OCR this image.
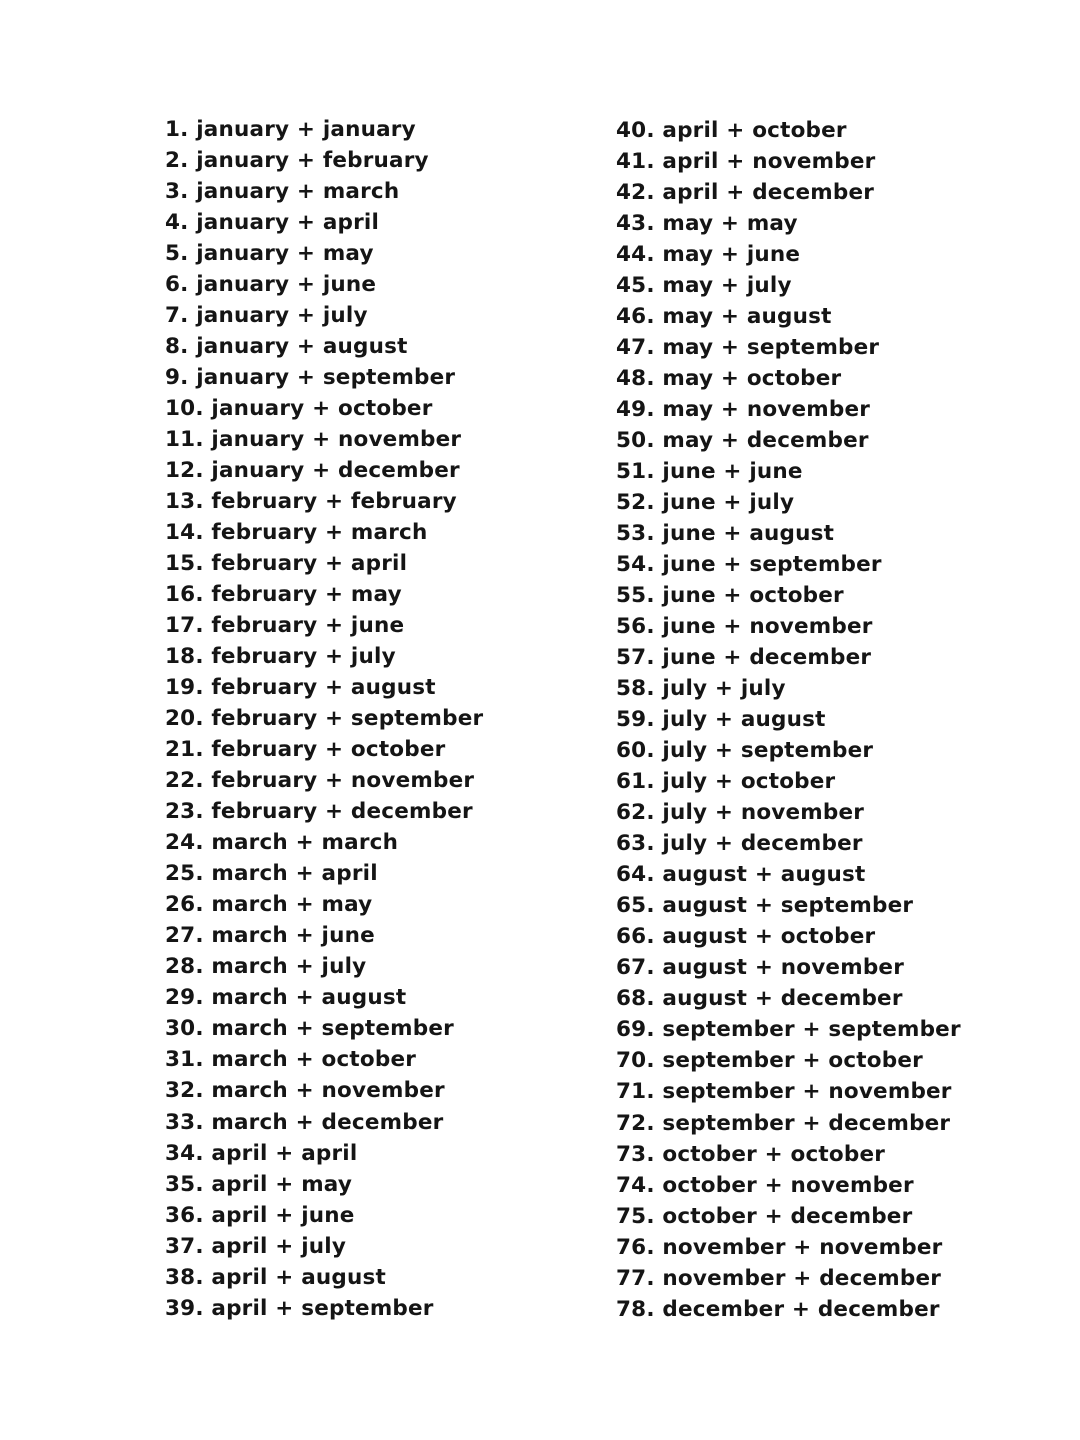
1. january + january
2. january + february
3. january + march
4. january + april
5. january + may
6. january + june
7. january + july
8. january + august
9. january + september
10. january + october
11. january + november
12. january + december
13. february + february
14. february + march
15. february + april
16. february + may
17. february + june
18. february + july
19. february + august
20. february + september
21. february + october
22. february + november
23. february + december
24. march + march
25. march + april
26. march + may
27. march + june
28. march + july
29. march + august
30. march + september
31. march + october
32. march + november
33. march + december
34. april + april
35. april + may
36. april + june
37. april + july
38. april + august
39. april + september
40. april + october
41. april + november
42. april + december
43. may + may
44. may + june
45. may + july
46. may + august
47. may + september
48. may + october
49. may + november
50. may + december
51. june + june
52. june + july
53. june + august
54. june + september
55. june + october
56. june + november
57. june + december
58. july + july
59. july + august
60. july + september
61. july + october
62. july + november
63. july + december
64. august + august
65. august + september
66. august + october
67. august + november
68. august + december
69. september + september
70. september + october
71. september + november
72. september + december
73. october + october
74. october + november
75. october + december
76. november + november
77. november + december
78. december + december
